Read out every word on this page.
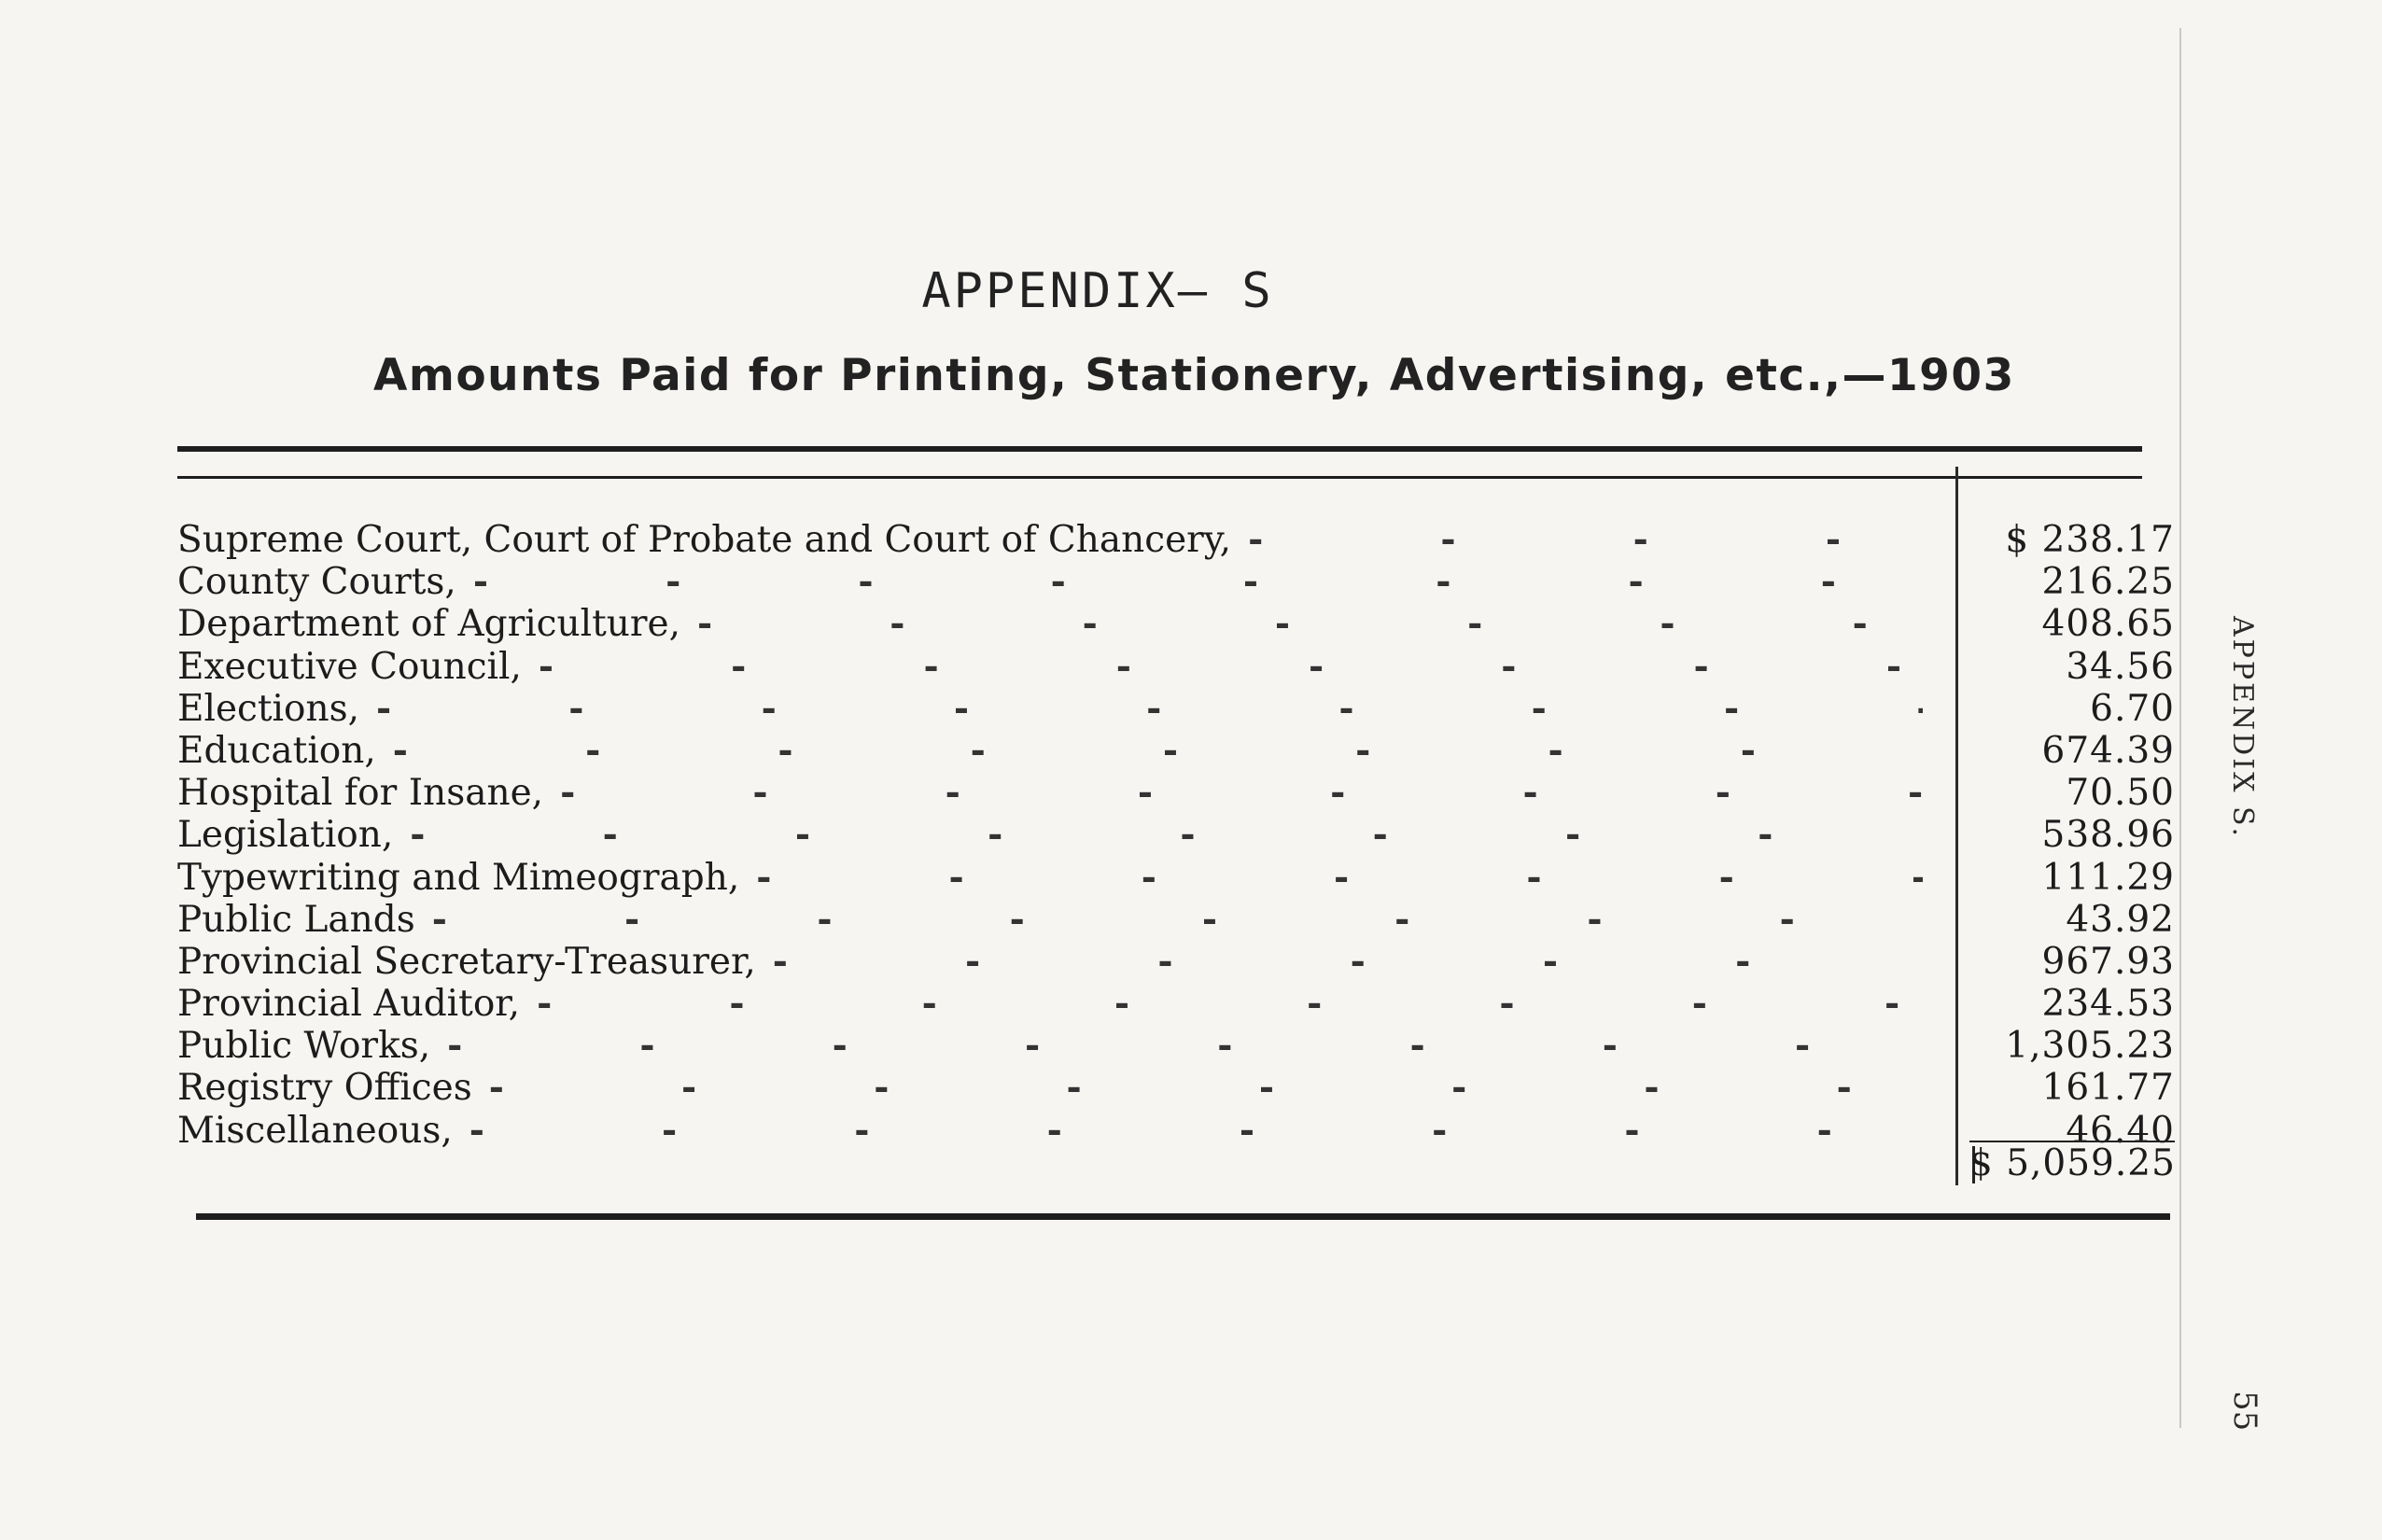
APPENDIX– S
Amounts Paid for Printing, Stationery, Advertising, etc.,—1903
Supreme Court, Court of Probate and Court of Chancery, -	$ 238.17
County Courts, -	216.25
Department of Agriculture, -	408.65
Executive Council, -	34.56
Elections, -	6.70
Education, -	674.39
Hospital for Insane, -	70.50
Legislation, -	538.96
Typewriting and Mimeograph, -	111.29
Public Lands -	43.92
Provincial Secretary-Treasurer, -	967.93
Provincial Auditor, -	234.53
Public Works, -	1,305.23
Registry Offices -	161.77
Miscellaneous, -	46.40
$ 5,059.25
APPENDIX S.
55
